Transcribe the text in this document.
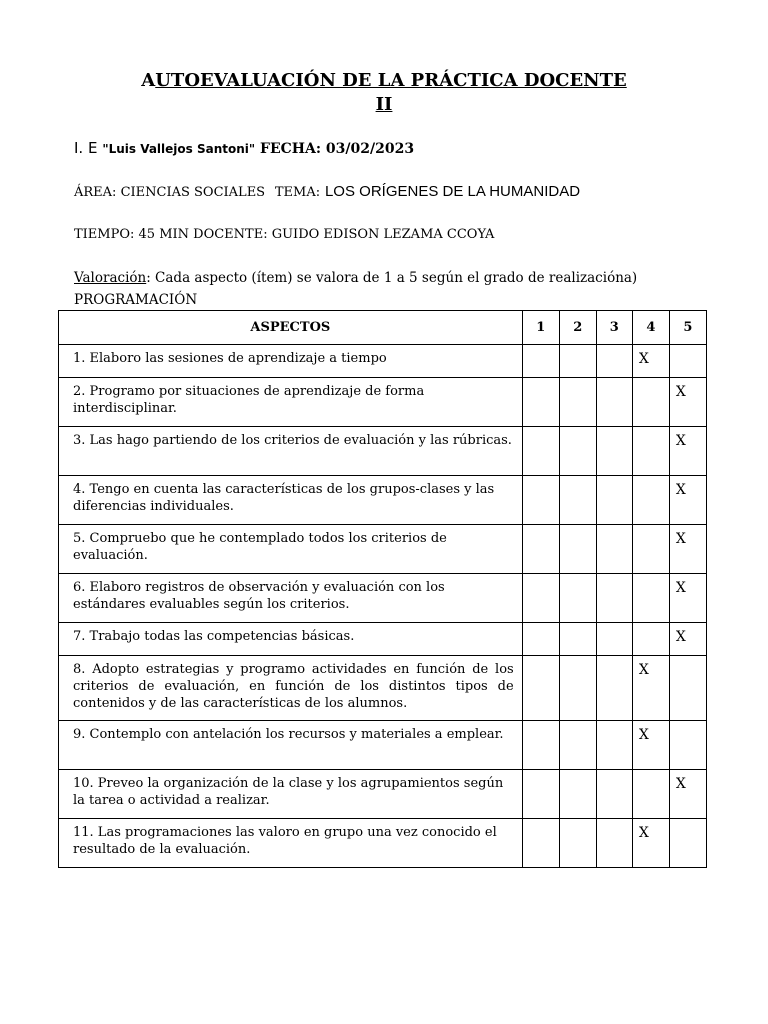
AUTOEVALUACIÓN DE LA PRÁCTICA DOCENTE
II
I. E "Luis Vallejos Santoni" FECHA: 03/02/2023
ÁREA: CIENCIAS SOCIALES TEMA: LOS ORÍGENES DE LA HUMANIDAD
TIEMPO: 45 MIN DOCENTE: GUIDO EDISON LEZAMA CCOYA
Valoración: Cada aspecto (ítem) se valora de 1 a 5 según el grado de realizacióna)
PROGRAMACIÓN
ASPECTOS	1	2	3	4	5
1. Elaboro las sesiones de aprendizaje a tiempo				X	
2. Programo por situaciones de aprendizaje de forma interdisciplinar.					X
3. Las hago partiendo de los criterios de evaluación y las rúbricas.					X
4. Tengo en cuenta las características de los grupos-clases y las diferencias individuales.					X
5. Compruebo que he contemplado todos los criterios de evaluación.					X
6. Elaboro registros de observación y evaluación con los estándares evaluables según los criterios.					X
7. Trabajo todas las competencias básicas.					X
8. Adopto estrategias y programo actividades en función de los criterios de evaluación, en función de los distintos tipos de contenidos y de las características de los alumnos.				X	
9. Contemplo con antelación los recursos y materiales a emplear.				X	
10. Preveo la organización de la clase y los agrupamientos según la tarea o actividad a realizar.					X
11. Las programaciones las valoro en grupo una vez conocido el resultado de la evaluación.				X	
